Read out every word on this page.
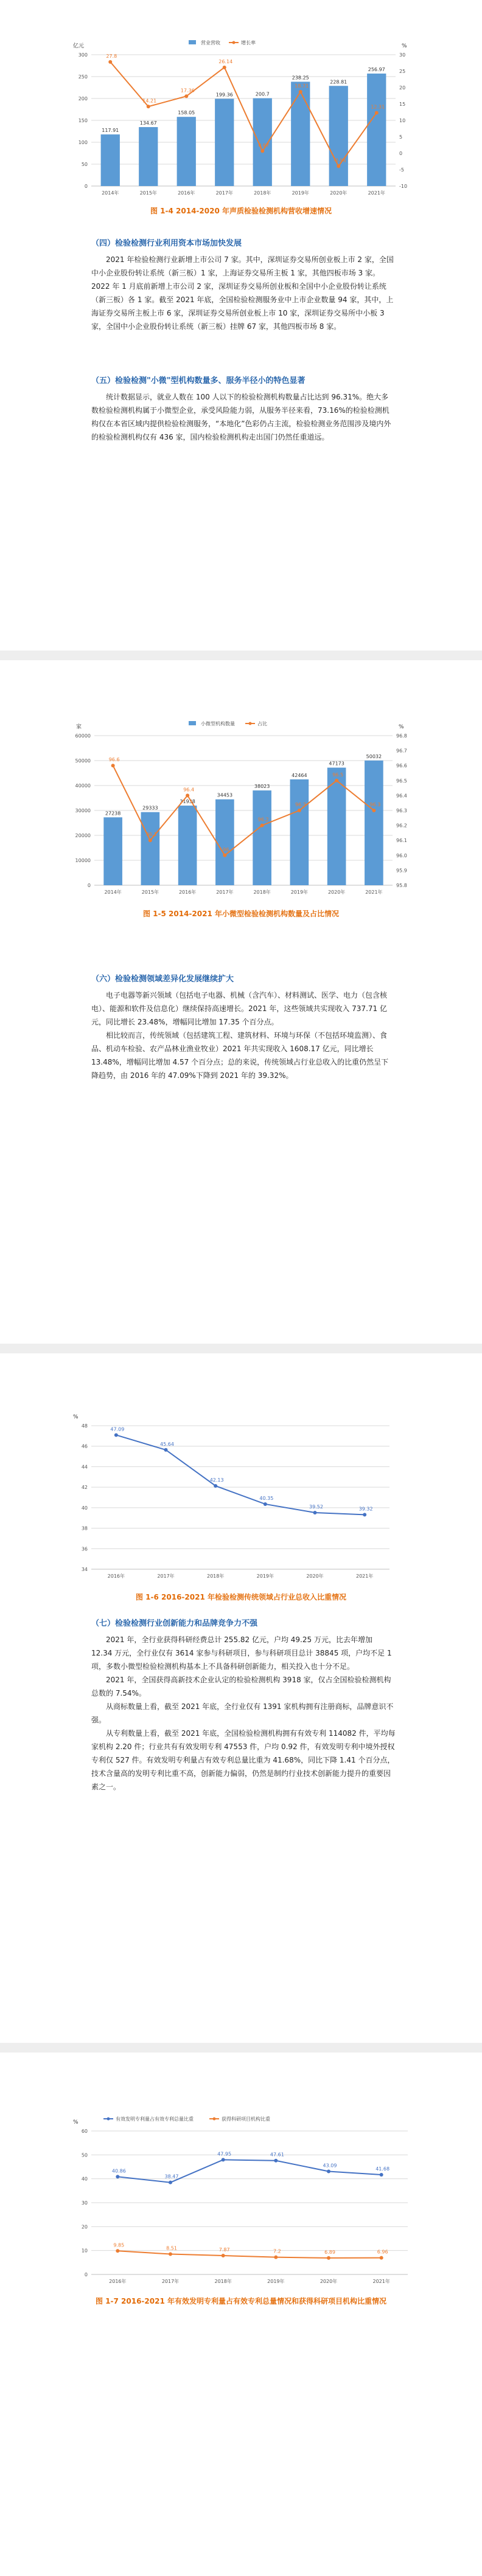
亿元	%
0
50
100
150
200
250
300
-10
-5
0
5
10
15
20
25
30
2014年	2015年	2016年	2017年	2018年	2019年	2020年	2021年
营业营收	增长率
117.91
134.67
158.05
199.36	200.7
238.25
228.81
256.97
27.8
14.21
17.36
26.14
0.67
18.71
-3.96
12.31
图 1-4 2014-2020 年声质检验检测机构营收增速情况
（四）检验检测行业利用资本市场加快发展

2021 年检验检测行业新增上市公司 7 家。其中，深圳证券交易所创业板上市 2 家，全国中小企业股份转让系统（新三板）1 家，上海证券交易所主板 1 家，其他四板市场 3 家。2022 年 1 月底前新增上市公司 2 家，深圳证券交易所创业板和全国中小企业股份转让系统（新三板）各 1 家。截至 2021 年底，全国检验检测服务业中上市企业数量 94 家，其中，上海证券交易所主板上市 6 家，深圳证券交易所创业板上市 10 家，深圳证券交易所中小板 3 家，全国中小企业股份转让系统（新三板）挂牌 67 家，其他四板市场 8 家。

（五）检验检测"小微"型机构数量多、服务半径小的特色显著

统计数据显示，就业人数在 100 人以下的检验检测机构数量占比达到 96.31%。绝大多数检验检测机构属于小微型企业，承受风险能力弱，从服务半径来看，73.16%的检验检测机构仅在本省区域内提供检验检测服务，“本地化”色彩仍占主流，检验检测业务范围涉及境内外的检验检测机构仅有 436 家，国内检验检测机构走出国门仍然任重道远。

家	%
0
10000
20000
30000
40000
50000
60000
95.8
95.9
96.0
96.1
96.2
96.3
96.4
96.5
96.6
96.7
96.8
2014年	2015年	2016年	2017年	2018年	2019年	2020年	2021年
小微型机构数量	占比
27238
29333
31938
34453
38023
42464
47173
50032
96.6
96.1
96.4
96
96.2
96.3
96.5
96.3
图 1-5 2014-2021 年小微型检验检测机构数量及占比情况
（六）检验检测领域差异化发展继续扩大

电子电器等新兴领域（包括电子电器、机械（含汽车）、材料测试、医学、电力（包含核电）、能源和软件及信息化）继续保持高速增长。2021 年，这些领域共实现收入 737.71 亿元，同比增长 23.48%，增幅同比增加 17.35 个百分点。

相比较而言，传统领域（包括建筑工程、建筑材料、环境与环保（不包括环境监测）、食品、机动车检验、农产品林业渔业牧业）2021 年共实现收入 1608.17 亿元，同比增长 13.48%，增幅同比增加 4.57 个百分点；总的来说，传统领域占行业总收入的比重仍然呈下降趋势，由 2016 年的 47.09%下降到 2021 年的 39.32%。

%
34
36
38
40
42
44
46
48
2016年	2017年	2018年	2019年	2020年	2021年
47.09
45.64
42.13
40.35
39.52	39.32
图 1-6 2016-2021 年检验检测传统领域占行业总收入比重情况
（七）检验检测行业创新能力和品牌竞争力不强

2021 年，全行业获得科研经费总计 255.82 亿元，户均 49.25 万元，比去年增加 12.34 万元，全行业仅有 3614 家参与科研项目，参与科研项目总计 38845 项，户均不足 1 项，多数小微型检验检测机构基本上不具备科研创新能力，相关投入也十分不足。

2021 年，全国获得高新技术企业认定的检验检测机构 3918 家，仅占全国检验检测机构总数的 7.54%。

从商标数量上看，截至 2021 年底，全行业仅有 1391 家机构拥有注册商标，品牌意识不强。

从专利数量上看，截至 2021 年底，全国检验检测机构拥有有效专利 114082 件，平均每家机构 2.20 件；行业共有有效发明专利 47553 件，户均 0.92 件，有效发明专利中境外授权专利仅 527 件。有效发明专利量占有效专利总量比重为 41.68%，同比下降 1.41 个百分点，技术含量高的发明专利比重不高，创新能力偏弱，仍然是制约行业技术创新能力提升的重要因素之一。

%
0
10
20
30
40
50
60
2016年	2017年	2018年	2019年	2020年	2021年
有效发明专利量占有效专利总量比重	获得科研项目机构比重
40.86
38.47
47.95	47.61
43.09
41.68
9.85
8.51	7.87	7.2	6.89	6.96
图 1-7 2016-2021 年有效发明专利量占有效专利总量情况和获得科研项目机构比重情况
